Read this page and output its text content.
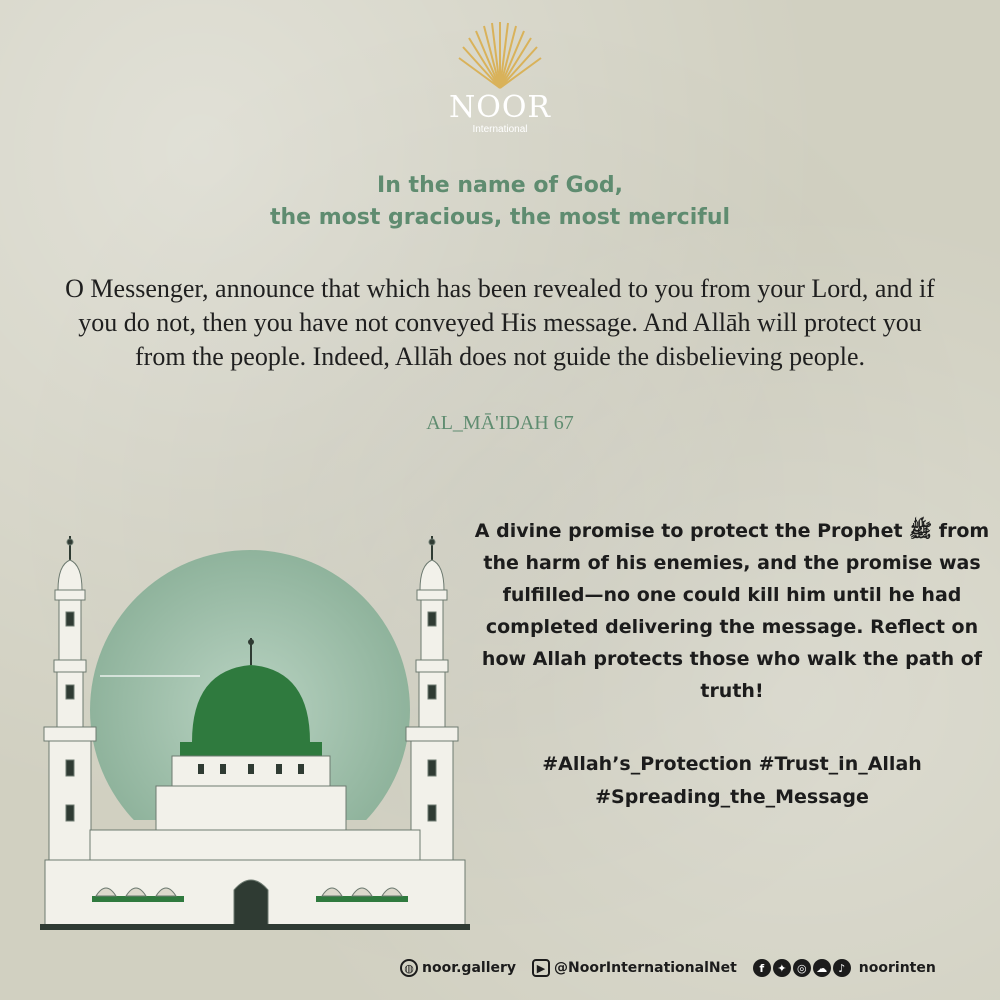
NOOR
International
In the name of God,
the most gracious, the most merciful
O Messenger, announce that which has been revealed to you from your Lord, and if you do not, then you have not conveyed His message. And Allāh will protect you from the people. Indeed, Allāh does not guide the disbelieving people.
AL_MĀ'IDAH 67
A divine promise to protect the Prophet ﷺ from the harm of his enemies, and the promise was fulfilled—no one could kill him until he had completed delivering the message. Reflect on how Allah protects those who walk the path of truth!
#Allah’s_Protection #Trust_in_Allah
#Spreading_the_Message
◍ noor.gallery	▶ @NoorInternationalNet	f	✦ ◎ ☁ ♪ noorinten
